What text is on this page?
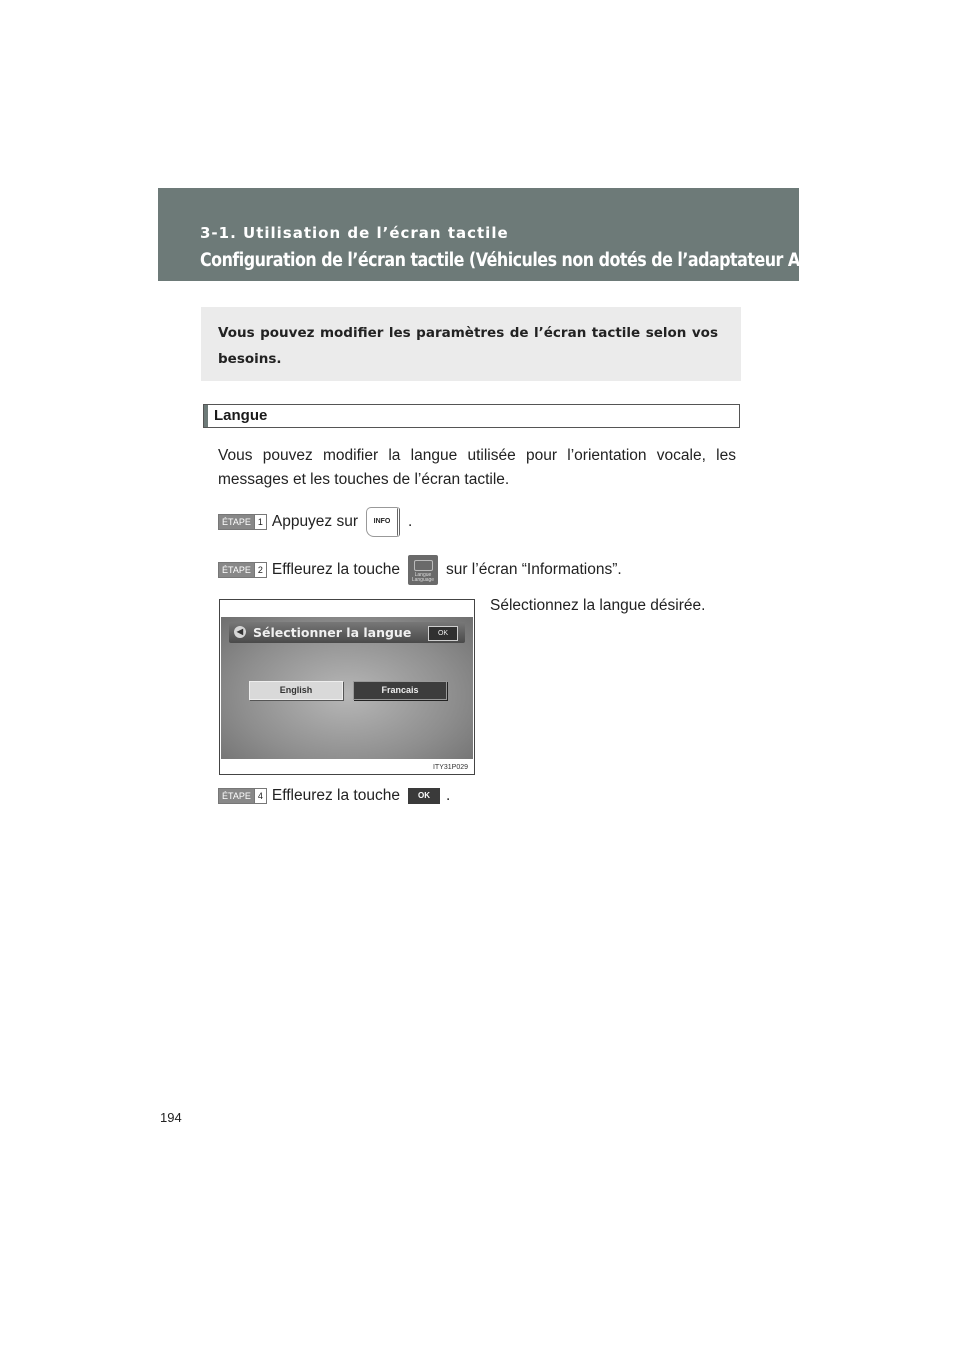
3-1. Utilisation de l’écran tactile
Configuration de l’écran tactile (Véhicules non dotés de l’adaptateur AUX)
Vous pouvez modifier les paramètres de l’écran tactile selon vos besoins.
Langue
Vous pouvez modifier la langue utilisée pour l’orientation vocale, les messages et les touches de l’écran tactile.
ÉTAPE 1 Appuyez sur	INFO	.
ÉTAPE 2 Effleurez la touche	Langue Language
sur l’écran “Informations”.
◀ Sélectionner la langue	OK
English	Francais
ITY31P029
Sélectionnez la langue désirée.
ÉTAPE 4 Effleurez la touche	OK	.
194
